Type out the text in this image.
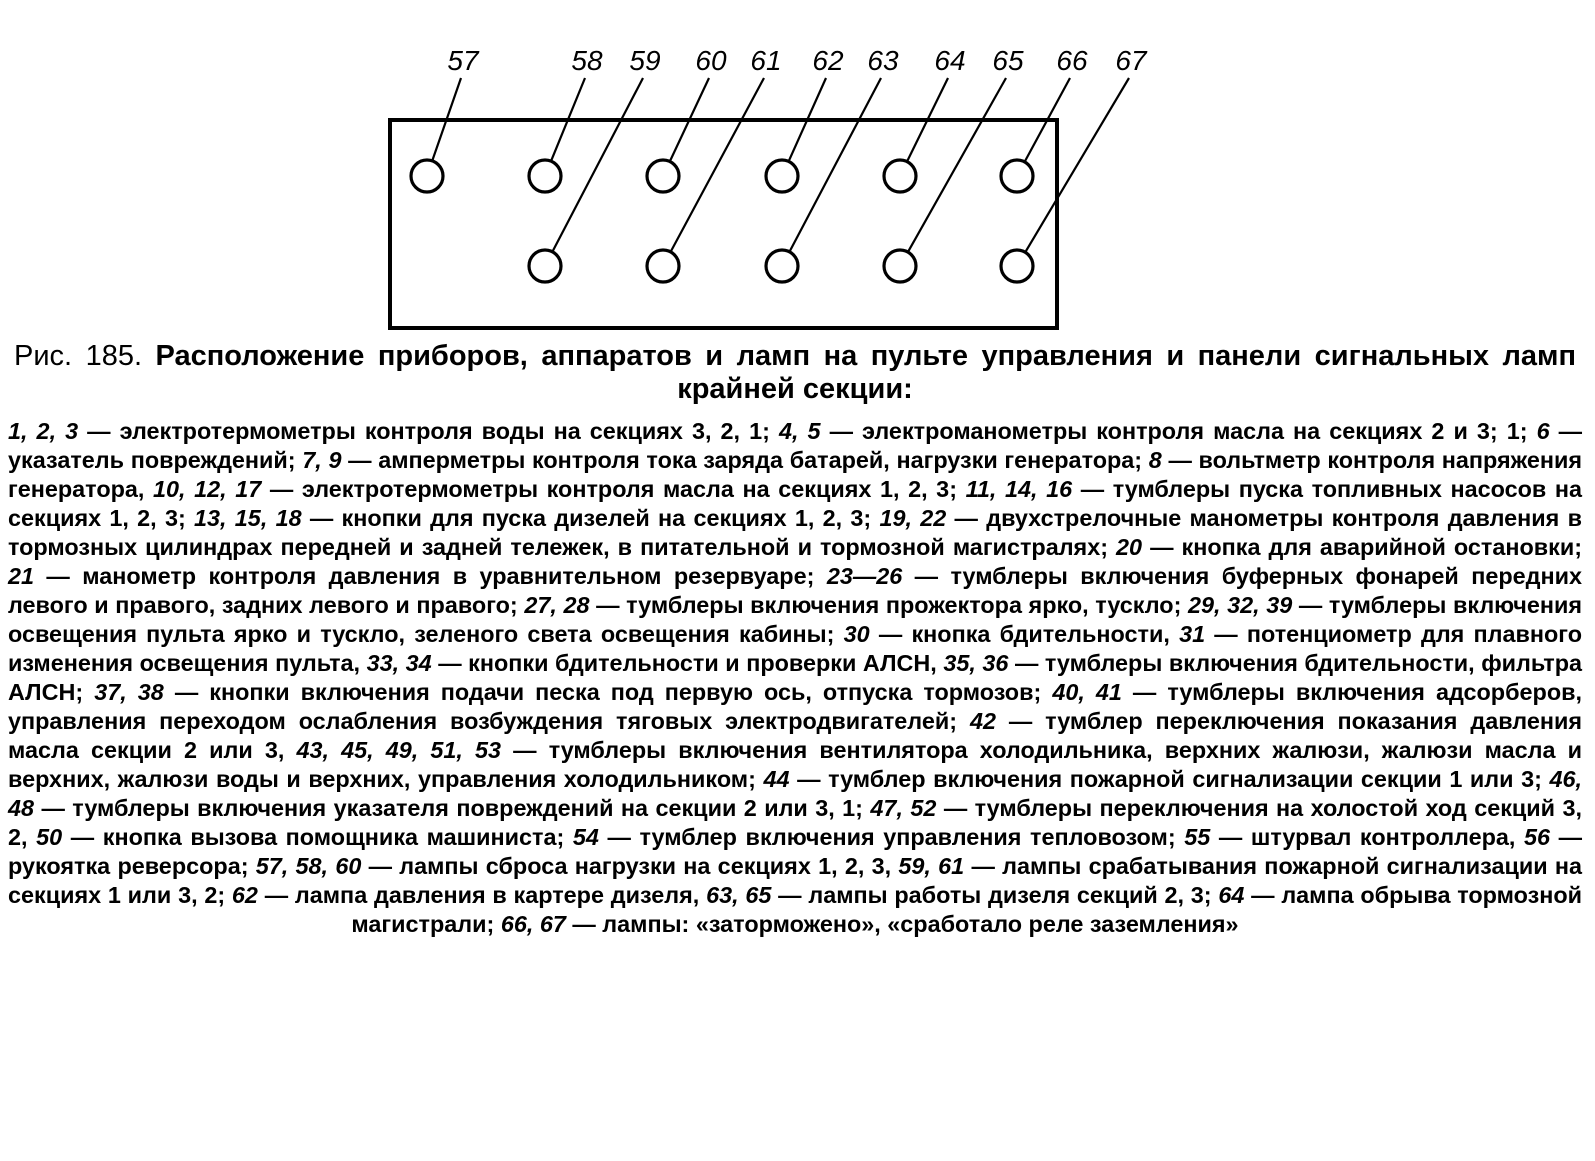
57	58 59 60 61 62 63 64 65 66 67

Рис. 185. Расположение приборов, аппаратов и ламп на пульте управления и панели сигнальных ламп крайней секции:

1, 2, 3 — электротермометры контроля воды на секциях 3, 2, 1; 4, 5 — электроманометры контроля масла на секциях 2 и 3; 1; 6 — указатель повреждений; 7, 9 — амперметры контроля тока заряда батарей, нагрузки генератора; 8 — вольтметр контроля напряжения генератора, 10, 12, 17 — электротермометры контроля масла на секциях 1, 2, 3; 11, 14, 16 — тумблеры пуска топливных насосов на секциях 1, 2, 3; 13, 15, 18 — кнопки для пуска дизелей на секциях 1, 2, 3; 19, 22 — двухстрелочные манометры контроля давления в тормозных цилиндрах передней и задней тележек, в питательной и тормозной магистралях; 20 — кнопка для аварийной остановки; 21 — манометр контроля давления в уравнительном резервуаре; 23—26 — тумблеры включения буферных фонарей передних левого и правого, задних левого и правого; 27, 28 — тумблеры включения прожектора ярко, тускло; 29, 32, 39 — тумблеры включения освещения пульта ярко и тускло, зеленого света освещения кабины; 30 — кнопка бдительности, 31 — потенциометр для плавного изменения освещения пульта, 33, 34 — кнопки бдительности и проверки АЛСН, 35, 36 — тумблеры включения бдительности, фильтра АЛСН; 37, 38 — кнопки включения подачи песка под первую ось, отпуска тормозов; 40, 41 — тумблеры включения адсорберов, управления переходом ослабления возбуждения тяговых электродвигателей; 42 — тумблер переключения показания давления масла секции 2 или 3, 43, 45, 49, 51, 53 — тумблеры включения вентилятора холодильника, верхних жалюзи, жалюзи масла и верхних, жалюзи воды и верхних, управления холодильником; 44 — тумблер включения пожарной сигнализации секции 1 или 3; 46, 48 — тумблеры включения указателя повреждений на секции 2 или 3, 1; 47, 52 — тумблеры переключения на холостой ход секций 3, 2, 50 — кнопка вызова помощника машиниста; 54 — тумблер включения управления тепловозом; 55 — штурвал контроллера, 56 — рукоятка реверсора; 57, 58, 60 — лампы сброса нагрузки на секциях 1, 2, 3, 59, 61 — лампы срабатывания пожарной сигнализации на секциях 1 или 3, 2; 62 — лампа давления в картере дизеля, 63, 65 — лампы работы дизеля секций 2, 3; 64 — лампа обрыва тормозной магистрали; 66, 67 — лампы: «заторможено», «сработало реле заземления»
